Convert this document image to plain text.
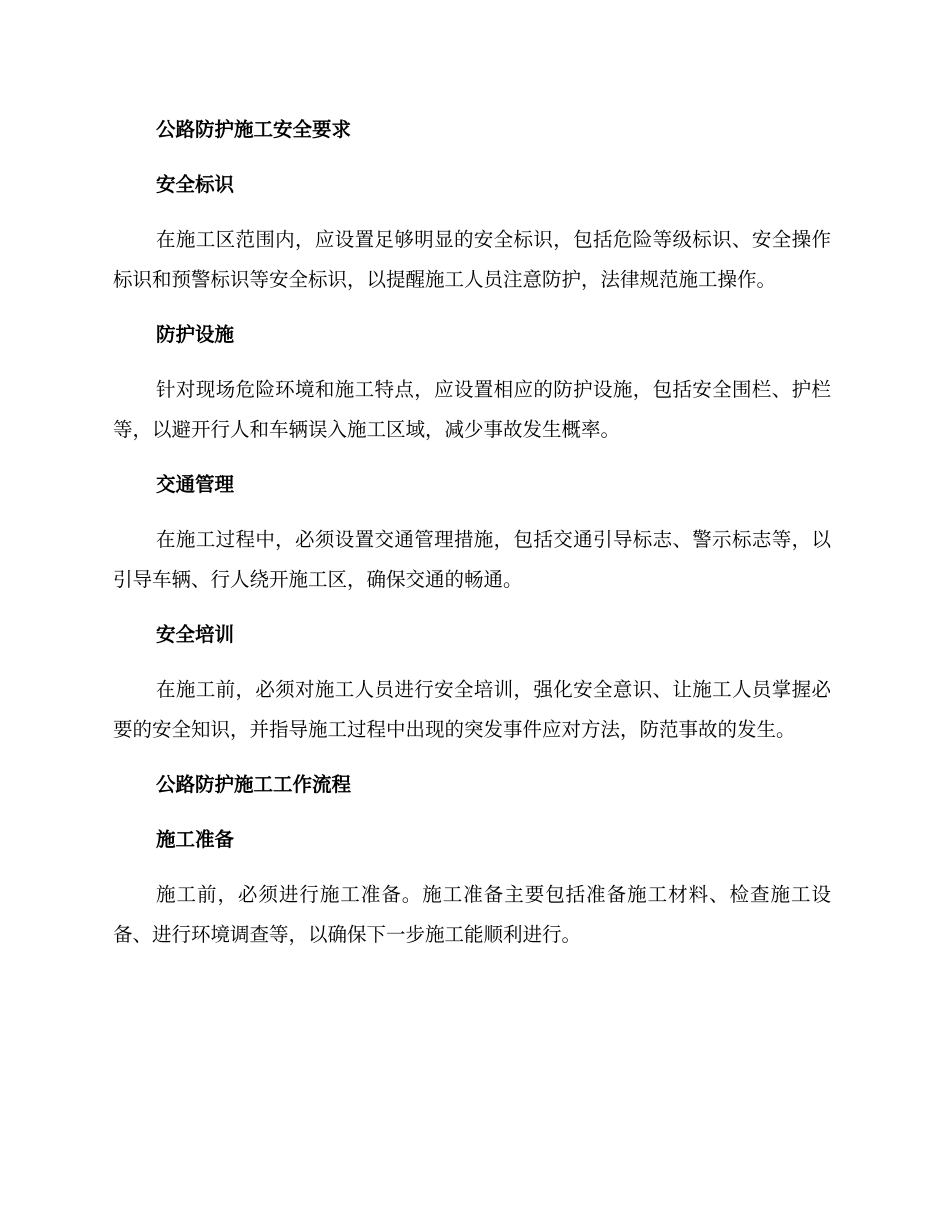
公路防护施工安全要求

安全标识

在施工区范围内，应设置足够明显的安全标识，包括危险等级标识、安全操作标识和预警标识等安全标识，以提醒施工人员注意防护，法律规范施工操作。

防护设施

针对现场危险环境和施工特点，应设置相应的防护设施，包括安全围栏、护栏等，以避开行人和车辆误入施工区域，减少事故发生概率。

交通管理

在施工过程中，必须设置交通管理措施，包括交通引导标志、警示标志等，以引导车辆、行人绕开施工区，确保交通的畅通。

安全培训

在施工前，必须对施工人员进行安全培训，强化安全意识、让施工人员掌握必要的安全知识，并指导施工过程中出现的突发事件应对方法，防范事故的发生。

公路防护施工工作流程

施工准备

施工前，必须进行施工准备。施工准备主要包括准备施工材料、检查施工设备、进行环境调查等，以确保下一步施工能顺利进行。
